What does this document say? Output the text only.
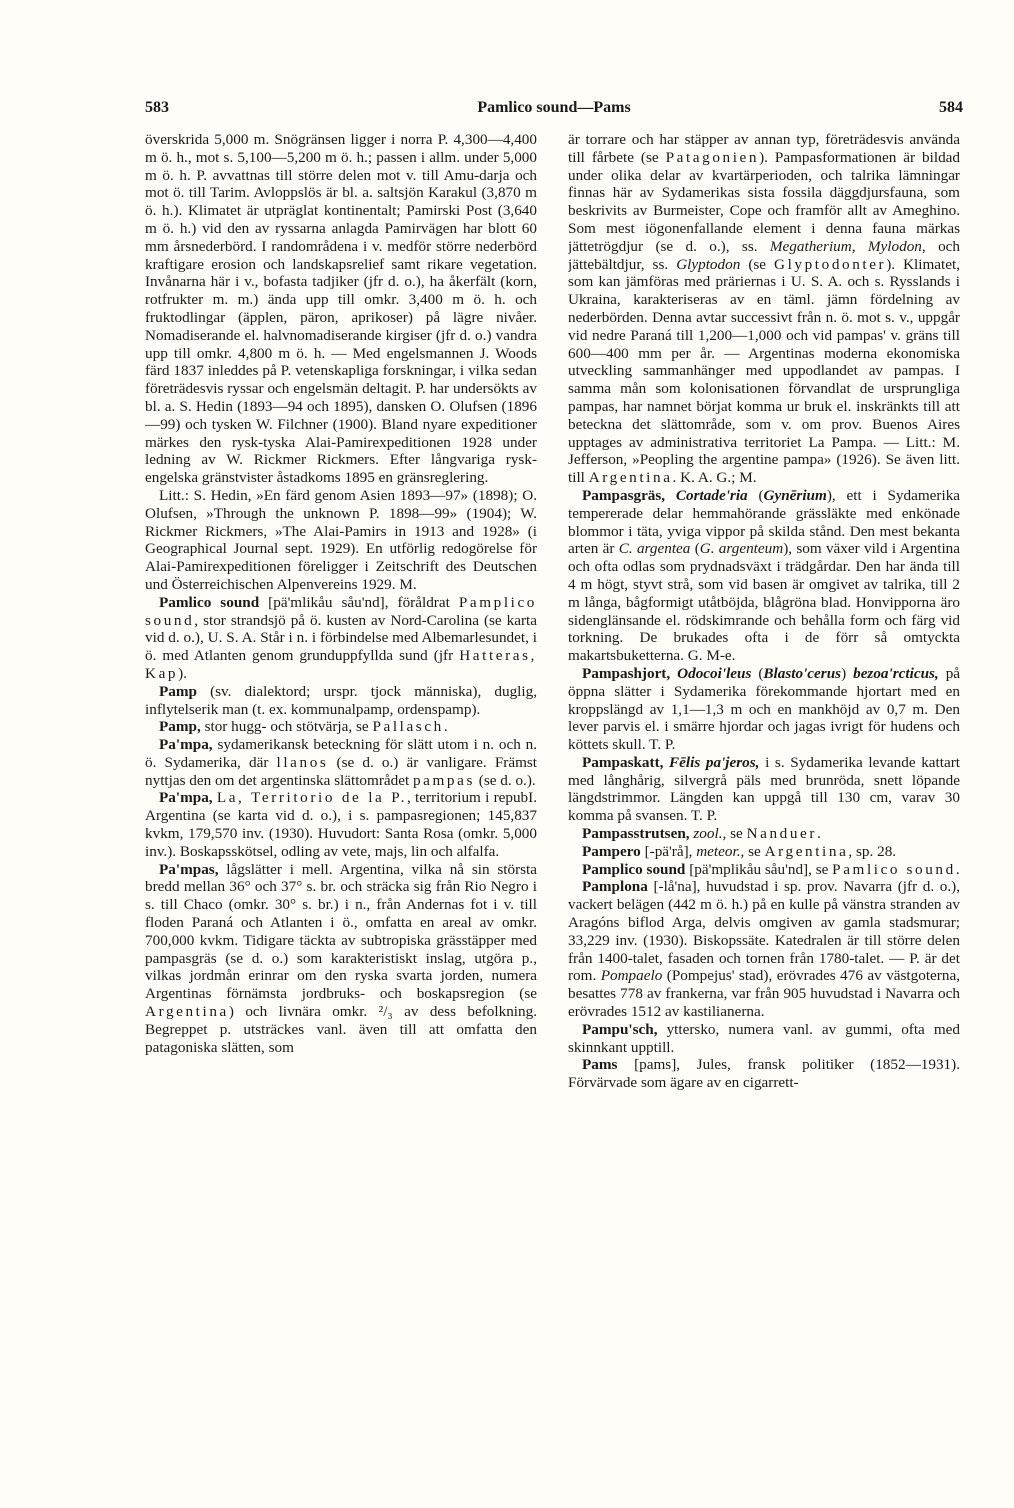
583	Pamlico sound—Pams	584

överskrida 5,000 m. Snögränsen ligger i norra P. 4,300—4,400 m ö. h., mot s. 5,100—5,200 m ö. h.; passen i allm. under 5,000 m ö. h. P. avvattnas till större delen mot v. till Amu-darja och mot ö. till Tarim. Avloppslös är bl. a. saltsjön Karakul (3,870 m ö. h.). Klimatet är utpräglat kontinentalt; Pamirski Post (3,640 m ö. h.) vid den av ryssarna anlagda Pamirvägen har blott 60 mm årsnederbörd. I randområdena i v. medför större nederbörd kraftigare erosion och landskapsrelief samt rikare vegetation. Invånarna här i v., bofasta tadjiker (jfr d. o.), ha åkerfält (korn, rotfrukter m. m.) ända upp till omkr. 3,400 m ö. h. och fruktodlingar (äpplen, päron, aprikoser) på lägre nivåer. Nomadiserande el. halvnomadiserande kirgiser (jfr d. o.) vandra upp till omkr. 4,800 m ö. h. — Med engelsmannen J. Woods färd 1837 inleddes på P. vetenskapliga forskningar, i vilka sedan företrädesvis ryssar och engelsmän deltagit. P. har undersökts av bl. a. S. Hedin (1893—94 och 1895), dansken O. Olufsen (1896—99) och tysken W. Filchner (1900). Bland nyare expeditioner märkes den rysk-tyska Alai-Pamirexpeditionen 1928 under ledning av W. Rickmer Rickmers. Efter långvariga rysk-engelska gränstvister åstadkoms 1895 en gränsreglering.

Litt.: S. Hedin, »En färd genom Asien 1893—97» (1898); O. Olufsen, »Through the unknown P. 1898—99» (1904); W. Rickmer Rickmers, »The Alai-Pamirs in 1913 and 1928» (i Geographical Journal sept. 1929). En utförlig redogörelse för Alai-Pamirexpeditionen föreligger i Zeitschrift des Deutschen und Österreichischen Alpenvereins 1929. M.

Pamlico sound [pä'mlikåu såu'nd], föråldrat Pamplico sound, stor strandsjö på ö. kusten av Nord-Carolina (se karta vid d. o.), U. S. A. Står i n. i förbindelse med Albemarlesundet, i ö. med Atlanten genom grunduppfyllda sund (jfr Hatteras, Kap).

Pamp (sv. dialektord; urspr. tjock människa), duglig, inflytelserik man (t. ex. kommunalpamp, ordenspamp).

Pamp, stor hugg- och stötvärja, se Pallasch.

Pa'mpa, sydamerikansk beteckning för slätt utom i n. och n. ö. Sydamerika, där llanos (se d. o.) är vanligare. Främst nyttjas den om det argentinska slättområdet pampas (se d. o.).

Pa'mpa, La, Territorio de la P., territorium i repubI. Argentina (se karta vid d. o.), i s. pampasregionen; 145,837 kvkm, 179,570 inv. (1930). Huvudort: Santa Rosa (omkr. 5,000 inv.). Boskapsskötsel, odling av vete, majs, lin och alfalfa.

Pa'mpas, lågslätter i mell. Argentina, vilka nå sin största bredd mellan 36° och 37° s. br. och sträcka sig från Rio Negro i s. till Chaco (omkr. 30° s. br.) i n., från Andernas fot i v. till floden Paraná och Atlanten i ö., omfatta en areal av omkr. 700,000 kvkm. Tidigare täckta av subtropiska grässtäpper med pampasgräs (se d. o.) som karakteristiskt inslag, utgöra p., vilkas jordmån erinrar om den ryska svarta jorden, numera Argentinas förnämsta jordbruks- och boskapsregion (se Argentina) och livnära omkr. ²/₃ av dess befolkning. Begreppet p. utsträckes vanl. även till att omfatta den patagoniska slätten, som

är torrare och har stäpper av annan typ, företrädesvis använda till fårbete (se Patagonien). Pampasformationen är bildad under olika delar av kvartärperioden, och talrika lämningar finnas här av Sydamerikas sista fossila däggdjursfauna, som beskrivits av Burmeister, Cope och framför allt av Ameghino. Som mest iögonenfallande element i denna fauna märkas jättetrögdjur (se d. o.), ss. Megatherium, Mylodon, och jättebältdjur, ss. Glyptodon (se Glyptodonter). Klimatet, som kan jämföras med präriernas i U. S. A. och s. Rysslands i Ukraina, karakteriseras av en täml. jämn fördelning av nederbörden. Denna avtar successivt från n. ö. mot s. v., uppgår vid nedre Paraná till 1,200—1,000 och vid pampas' v. gräns till 600—400 mm per år. — Argentinas moderna ekonomiska utveckling sammanhänger med uppodlandet av pampas. I samma mån som kolonisationen förvandlat de ursprungliga pampas, har namnet börjat komma ur bruk el. inskränkts till att beteckna det slättområde, som v. om prov. Buenos Aires upptages av administrativa territoriet La Pampa. — Litt.: M. Jefferson, »Peopling the argentine pampa» (1926). Se även litt. till Argentina. K. A. G.; M.

Pampasgräs, Cortade'ria (Gynērium), ett i Sydamerika tempererade delar hemmahörande grässläkte med enkönade blommor i täta, yviga vippor på skilda stånd. Den mest bekanta arten är C. argentea (G. argenteum), som växer vild i Argentina och ofta odlas som prydnadsväxt i trädgårdar. Den har ända till 4 m högt, styvt strå, som vid basen är omgivet av talrika, till 2 m långa, bågformigt utåtböjda, blågröna blad. Honvipporna äro sidenglänsande el. rödskimrande och behålla form och färg vid torkning. De brukades ofta i de förr så omtyckta makartsbuketterna. G. M-e.

Pampashjort, Odocoi'leus (Blasto'cerus) bezoa'rcticus, på öppna slätter i Sydamerika förekommande hjortart med en kroppslängd av 1,1—1,3 m och en mankhöjd av 0,7 m. Den lever parvis el. i smärre hjordar och jagas ivrigt för hudens och köttets skull. T. P.

Pampaskatt, Fēlis pa'jeros, i s. Sydamerika levande kattart med långhårig, silvergrå päls med brunröda, snett löpande längdstrimmor. Längden kan uppgå till 130 cm, varav 30 komma på svansen. T. P.

Pampasstrutsen, zool., se Nanduer.

Pampero [-pä'rå], meteor., se Argentina, sp. 28.

Pamplico sound [pä'mplikåu såu'nd], se Pamlico sound.

Pamplona [-lå'na], huvudstad i sp. prov. Navarra (jfr d. o.), vackert belägen (442 m ö. h.) på en kulle på vänstra stranden av Aragóns biflod Arga, delvis omgiven av gamla stadsmurar; 33,229 inv. (1930). Biskopssäte. Katedralen är till större delen från 1400-talet, fasaden och tornen från 1780-talet. — P. är det rom. Pompaelo (Pompejus' stad), erövrades 476 av västgoterna, besattes 778 av frankerna, var från 905 huvudstad i Navarra och erövrades 1512 av kastilianerna.

Pampu'sch, yttersko, numera vanl. av gummi, ofta med skinnkant upptill.

Pams [pams], Jules, fransk politiker (1852—1931). Förvärvade som ägare av en cigarrett-
